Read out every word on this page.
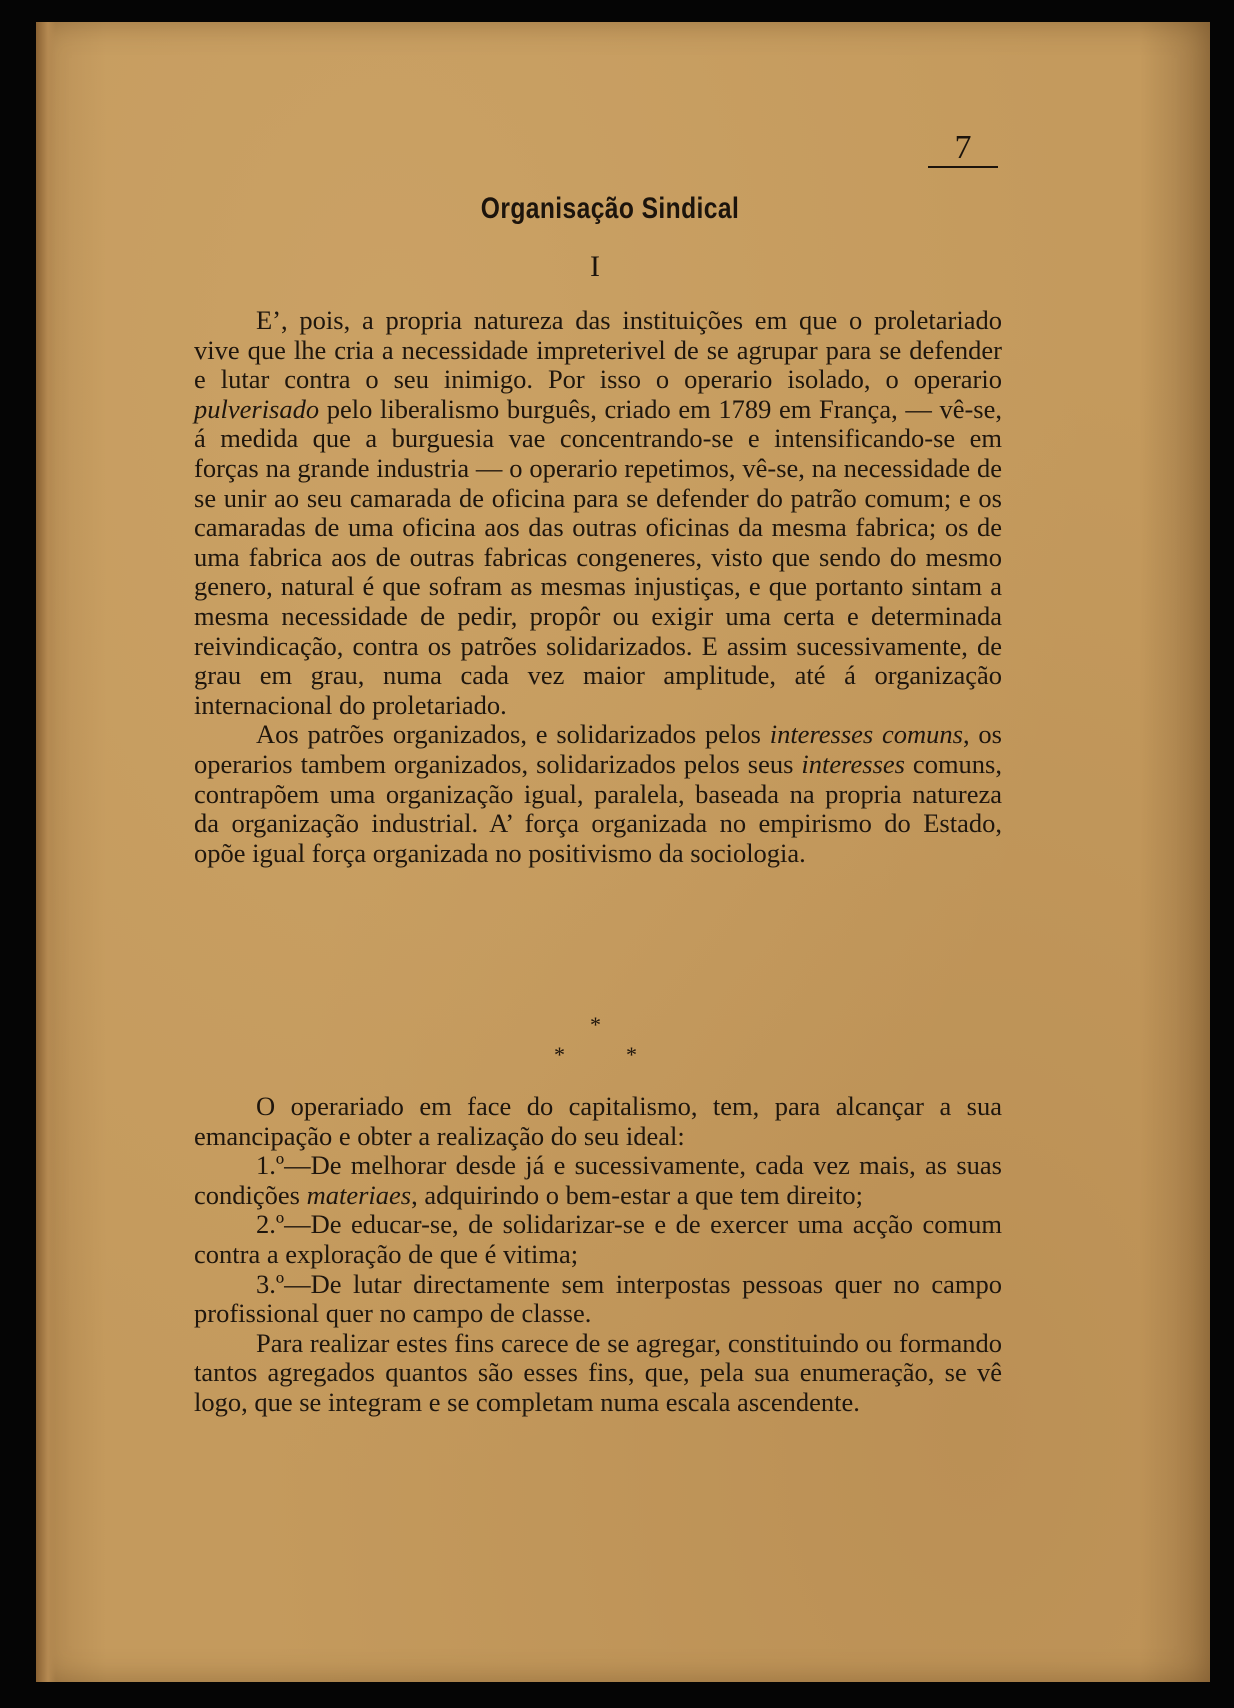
7
Organisação Sindical
I

E’, pois, a propria natureza das instituições em que o proletariado vive que lhe cria a necessidade impreterivel de se agrupar para se defender e lutar contra o seu inimigo. Por isso o operario isolado, o operario pulverisado pelo liberalismo burguês, criado em 1789 em França, — vê-se, á medida que a burguesia vae concentrando-se e intensificando-se em forças na grande industria — o operario repetimos, vê-se, na necessidade de se unir ao seu camarada de oficina para se defender do patrão comum; e os camaradas de uma oficina aos das outras oficinas da mesma fabrica; os de uma fabrica aos de outras fabricas congeneres, visto que sendo do mesmo genero, natural é que sofram as mesmas injustiças, e que portanto sintam a mesma necessidade de pedir, propôr ou exigir uma certa e determinada reivindicação, contra os patrões solidarizados. E assim sucessivamente, de grau em grau, numa cada vez maior amplitude, até á organização internacional do proletariado.

Aos patrões organizados, e solidarizados pelos interesses comuns, os operarios tambem organizados, solidarizados pelos seus interesses comuns, contrapõem uma organização igual, paralela, baseada na propria natureza da organização industrial. A’ força organizada no empirismo do Estado, opõe igual força organizada no positivismo da sociologia.

*
*	*

O operariado em face do capitalismo, tem, para alcançar a sua emancipação e obter a realização do seu ideal:

1.º—De melhorar desde já e sucessivamente, cada vez mais, as suas condições materiaes, adquirindo o bem-estar a que tem direito;

2.º—De educar-se, de solidarizar-se e de exercer uma acção comum contra a exploração de que é vitima;

3.º—De lutar directamente sem interpostas pessoas quer no campo profissional quer no campo de classe.

Para realizar estes fins carece de se agregar, constituindo ou formando tantos agregados quantos são esses fins, que, pela sua enumeração, se vê logo, que se integram e se completam numa escala ascendente.
